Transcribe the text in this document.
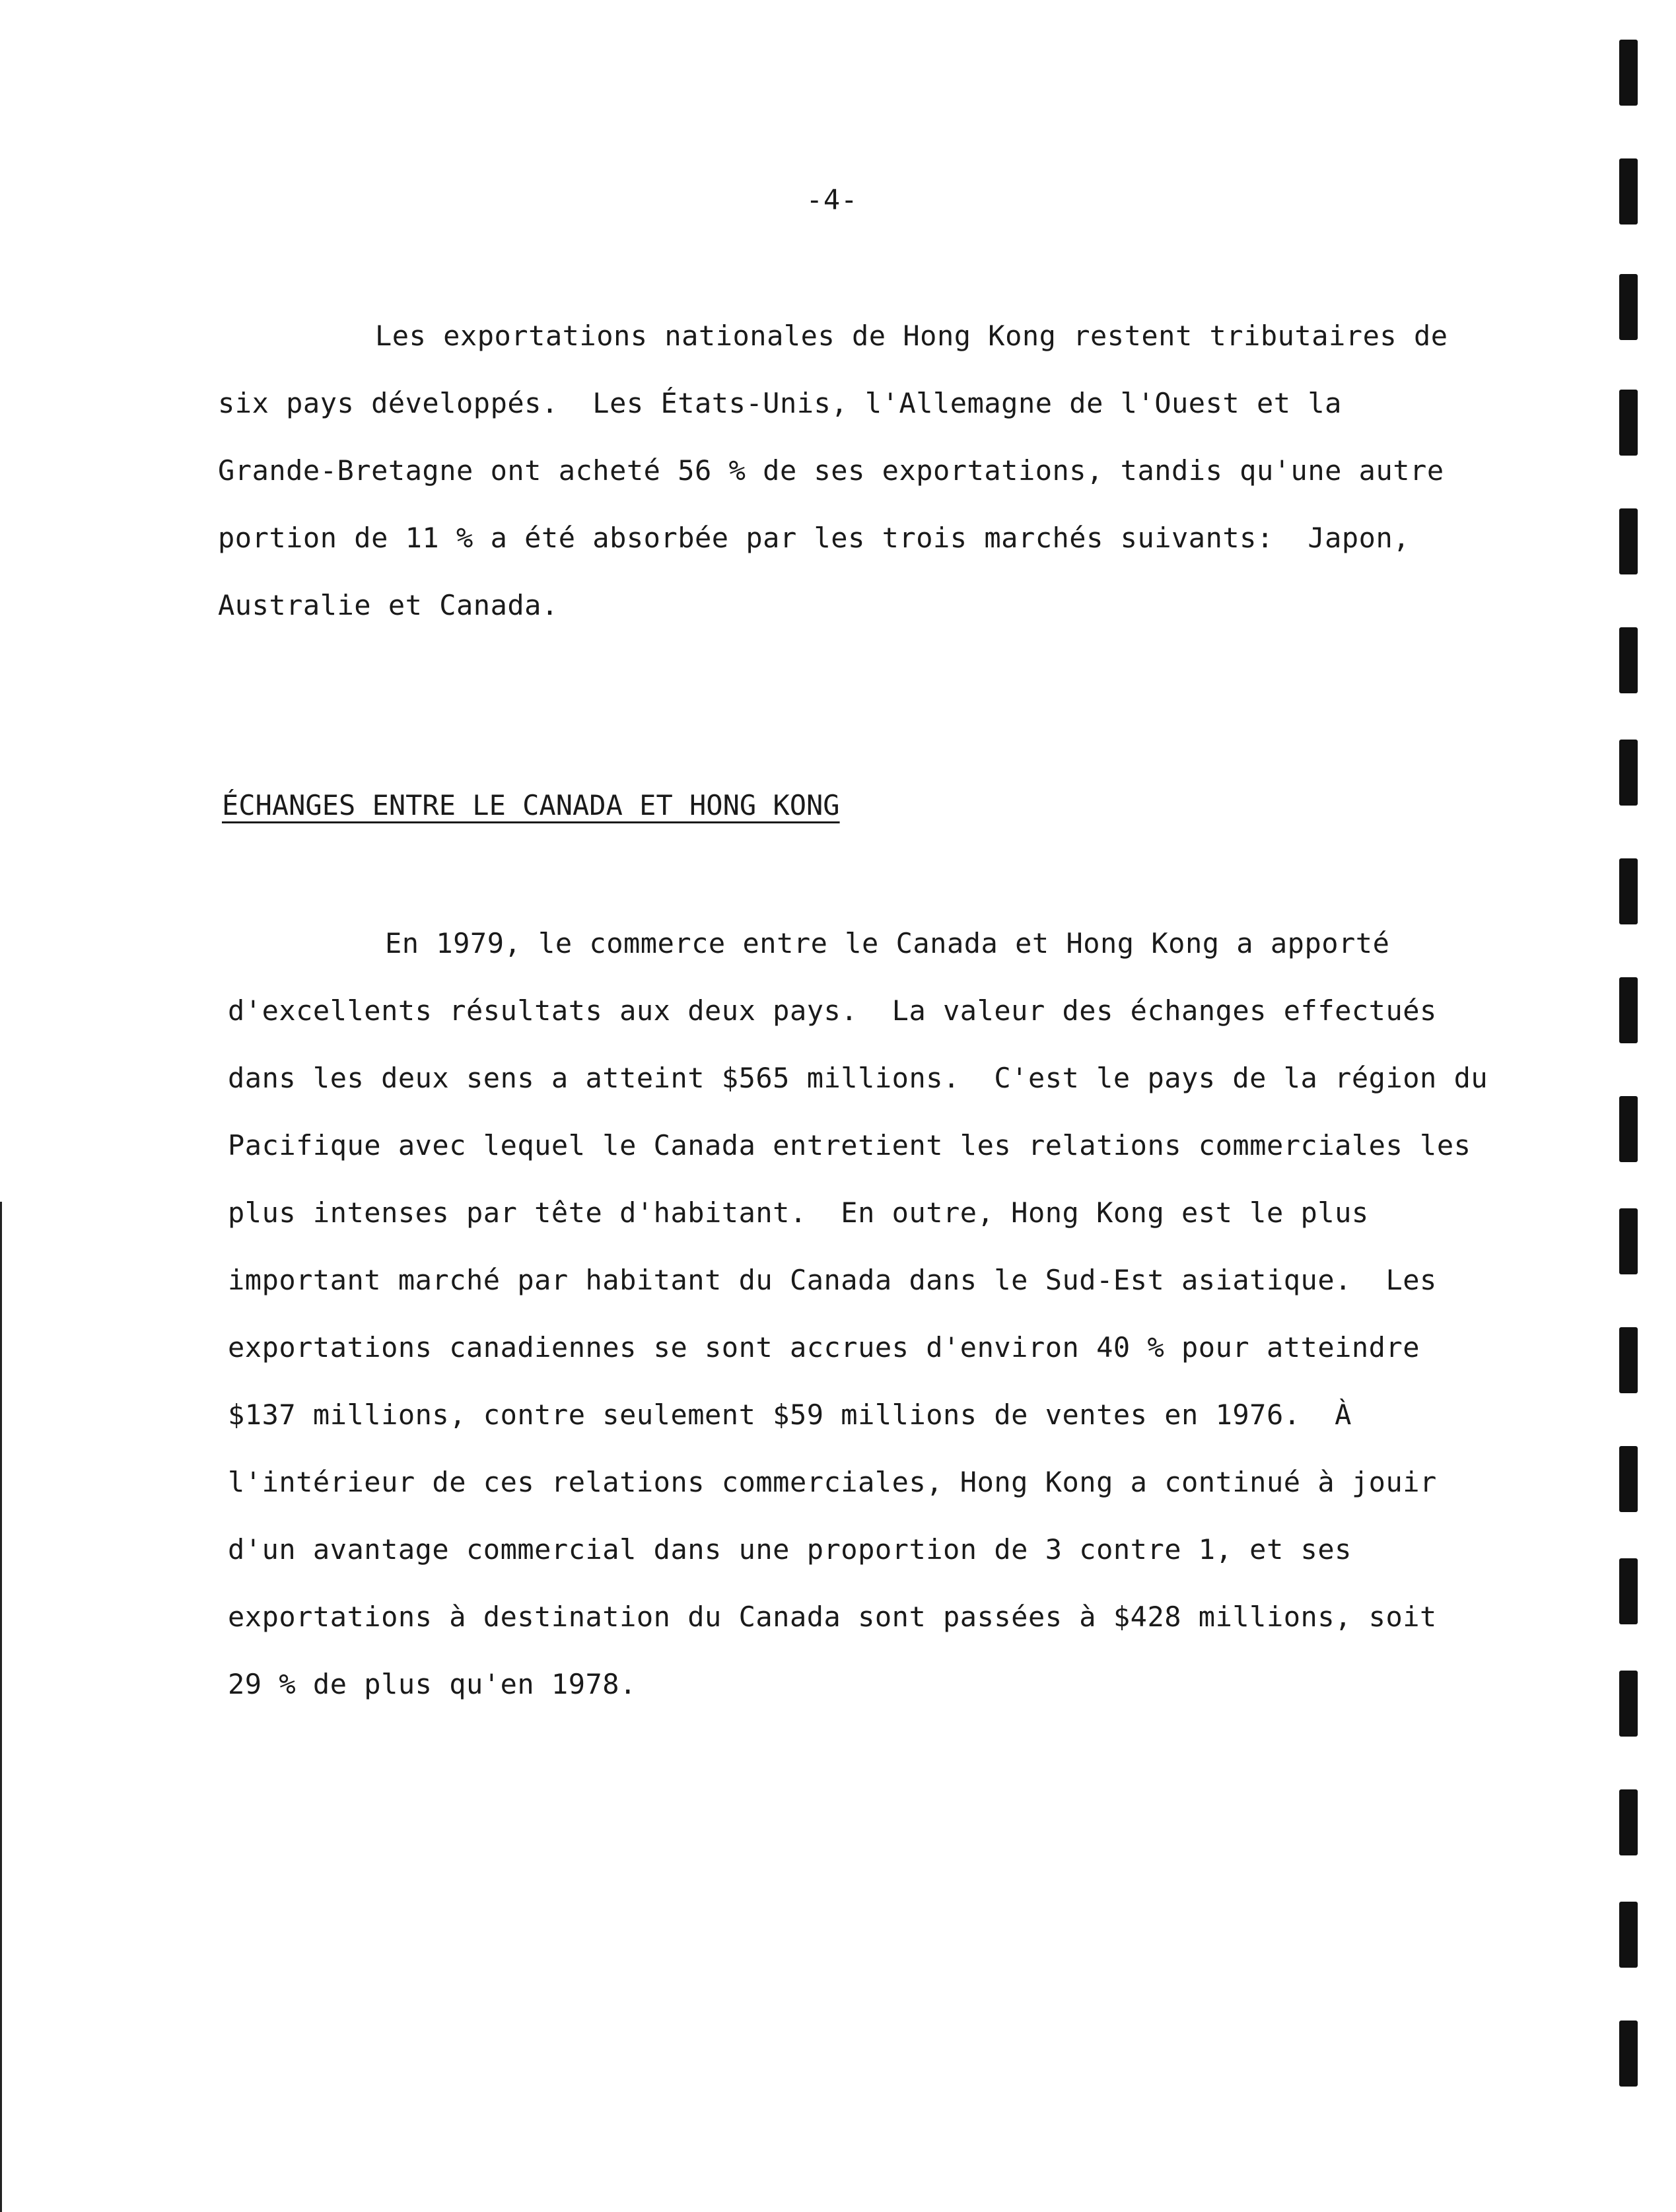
-4-
Les exportations nationales de Hong Kong restent tributaires de
six pays développés.  Les États-Unis, l'Allemagne de l'Ouest et la
Grande-Bretagne ont acheté 56 % de ses exportations, tandis qu'une autre
portion de 11 % a été absorbée par les trois marchés suivants:  Japon,
Australie et Canada.
ÉCHANGES ENTRE LE CANADA ET HONG KONG
En 1979, le commerce entre le Canada et Hong Kong a apporté
d'excellents résultats aux deux pays.  La valeur des échanges effectués
dans les deux sens a atteint $565 millions.  C'est le pays de la région du
Pacifique avec lequel le Canada entretient les relations commerciales les
plus intenses par tête d'habitant.  En outre, Hong Kong est le plus
important marché par habitant du Canada dans le Sud-Est asiatique.  Les
exportations canadiennes se sont accrues d'environ 40 % pour atteindre
$137 millions, contre seulement $59 millions de ventes en 1976.  À
l'intérieur de ces relations commerciales, Hong Kong a continué à jouir
d'un avantage commercial dans une proportion de 3 contre 1, et ses
exportations à destination du Canada sont passées à $428 millions, soit
29 % de plus qu'en 1978.
